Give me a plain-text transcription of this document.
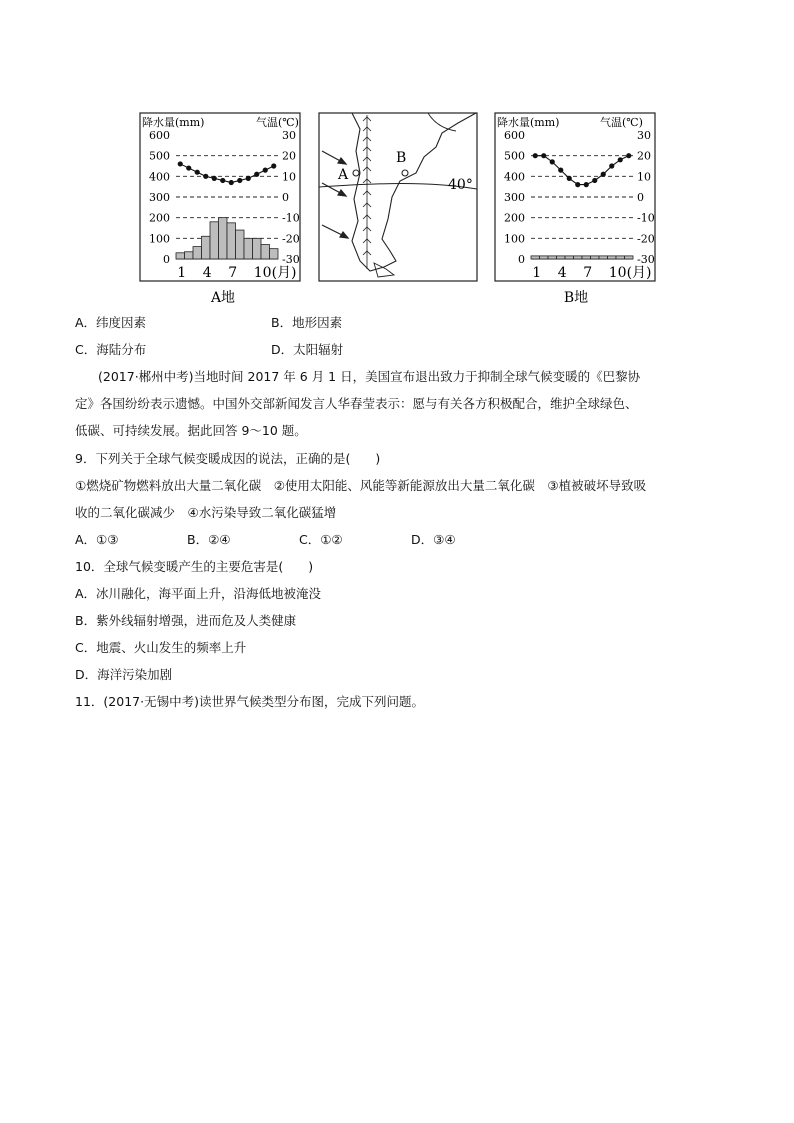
降水量(mm)	气温(℃)
600
500
400
300
200
100
0
30
20
10
0
-10
-20
-30
1 4 7 10(月)
A地
A
B
40°
降水量(mm)	气温(℃)
600
500
400
300
200
100
0
30
20
10
0
-10
-20
-30
1 4 7 10(月)
B地
A．纬度因素	B．地形因素
C．海陆分布	D．太阳辐射
(2017·郴州中考)当地时间 2017 年 6 月 1 日，美国宣布退出致力于抑制全球气候变暖的《巴黎协
定》各国纷纷表示遗憾。中国外交部新闻发言人华春莹表示：愿与有关各方积极配合，维护全球绿色、
低碳、可持续发展。据此回答 9～10 题。
9．下列关于全球气候变暖成因的说法，正确的是(　　)
①燃烧矿物燃料放出大量二氧化碳　②使用太阳能、风能等新能源放出大量二氧化碳　③植被破坏导致吸
收的二氧化碳减少　④水污染导致二氧化碳猛增
A．①③	B．②④	C．①②	D．③④
10．全球气候变暖产生的主要危害是(　　)
A．冰川融化，海平面上升，沿海低地被淹没
B．紫外线辐射增强，进而危及人类健康
C．地震、火山发生的频率上升
D．海洋污染加剧
11．(2017·无锡中考)读世界气候类型分布图，完成下列问题。
